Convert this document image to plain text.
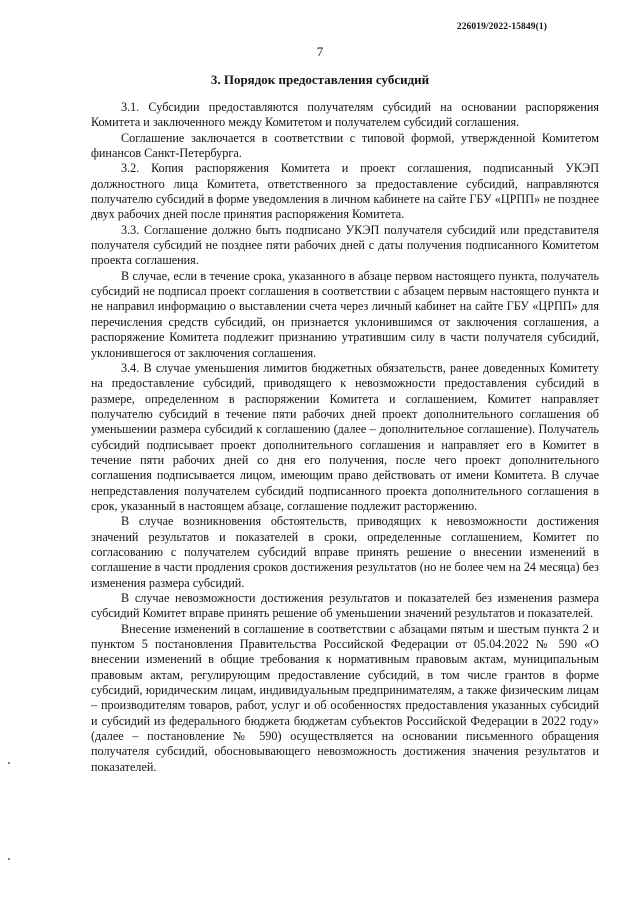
226019/2022-15849(1)
7
3. Порядок предоставления субсидий

3.1. Субсидии предоставляются получателям субсидий на основании распоряжения Комитета и заключенного между Комитетом и получателем субсидий соглашения.

Соглашение заключается в соответствии с типовой формой, утвержденной Комитетом финансов Санкт-Петербурга.

3.2. Копия распоряжения Комитета и проект соглашения, подписанный УКЭП должностного лица Комитета, ответственного за предоставление субсидий, направляются получателю субсидий в форме уведомления в личном кабинете на сайте ГБУ «ЦРПП» не позднее двух рабочих дней после принятия распоряжения Комитета.

3.3. Соглашение должно быть подписано УКЭП получателя субсидий или представителя получателя субсидий не позднее пяти рабочих дней с даты получения подписанного Комитетом проекта соглашения.

В случае, если в течение срока, указанного в абзаце первом настоящего пункта, получатель субсидий не подписал проект соглашения в соответствии с абзацем первым настоящего пункта и не направил информацию о выставлении счета через личный кабинет на сайте ГБУ «ЦРПП» для перечисления средств субсидий, он признается уклонившимся от заключения соглашения, а распоряжение Комитета подлежит признанию утратившим силу в части получателя субсидий, уклонившегося от заключения соглашения.

3.4. В случае уменьшения лимитов бюджетных обязательств, ранее доведенных Комитету на предоставление субсидий, приводящего к невозможности предоставления субсидий в размере, определенном в распоряжении Комитета и соглашением, Комитет направляет получателю субсидий в течение пяти рабочих дней проект дополнительного соглашения об уменьшении размера субсидий к соглашению (далее – дополнительное соглашение). Получатель субсидий подписывает проект дополнительного соглашения и направляет его в Комитет в течение пяти рабочих дней со дня его получения, после чего проект дополнительного соглашения подписывается лицом, имеющим право действовать от имени Комитета. В случае непредставления получателем субсидий подписанного проекта дополнительного соглашения в срок, указанный в настоящем абзаце, соглашение подлежит расторжению.

В случае возникновения обстоятельств, приводящих к невозможности достижения значений результатов и показателей в сроки, определенные соглашением, Комитет по согласованию с получателем субсидий вправе принять решение о внесении изменений в соглашение в части продления сроков достижения результатов (но не более чем на 24 месяца) без изменения размера субсидий.

В случае невозможности достижения результатов и показателей без изменения размера субсидий Комитет вправе принять решение об уменьшении значений результатов и показателей.

Внесение изменений в соглашение в соответствии с абзацами пятым и шестым пункта 2 и пунктом 5 постановления Правительства Российской Федерации от 05.04.2022 № 590 «О внесении изменений в общие требования к нормативным правовым актам, муниципальным правовым актам, регулирующим предоставление субсидий, в том числе грантов в форме субсидий, юридическим лицам, индивидуальным предпринимателям, а также физическим лицам – производителям товаров, работ, услуг и об особенностях предоставления указанных субсидий и субсидий из федерального бюджета бюджетам субъектов Российской Федерации в 2022 году» (далее – постановление № 590) осуществляется на основании письменного обращения получателя субсидий, обосновывающего невозможность достижения значения результатов и показателей.
